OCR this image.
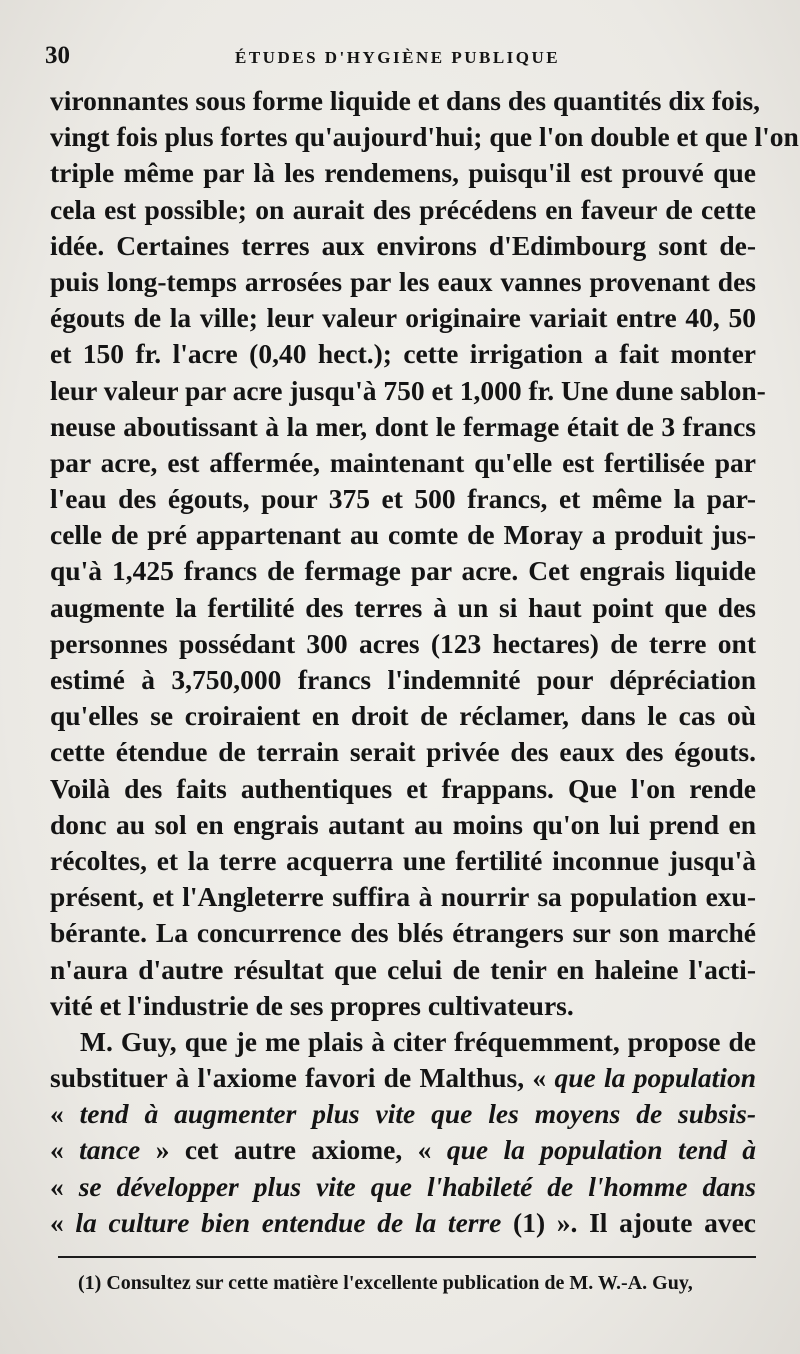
30	ÉTUDES D'HYGIÈNE PUBLIQUE
vironnantes sous forme liquide et dans des quantités dix fois,
vingt fois plus fortes qu'aujourd'hui; que l'on double et que l'on
triple même par là les rendemens, puisqu'il est prouvé que
cela est possible; on aurait des précédens en faveur de cette
idée. Certaines terres aux environs d'Edimbourg sont de-
puis long-temps arrosées par les eaux vannes provenant des
égouts de la ville; leur valeur originaire variait entre 40, 50
et 150 fr. l'acre (0,40 hect.); cette irrigation a fait monter
leur valeur par acre jusqu'à 750 et 1,000 fr. Une dune sablon-
neuse aboutissant à la mer, dont le fermage était de 3 francs
par acre, est affermée, maintenant qu'elle est fertilisée par
l'eau des égouts, pour 375 et 500 francs, et même la par-
celle de pré appartenant au comte de Moray a produit jus-
qu'à 1,425 francs de fermage par acre. Cet engrais liquide
augmente la fertilité des terres à un si haut point que des
personnes possédant 300 acres (123 hectares) de terre ont
estimé à 3,750,000 francs l'indemnité pour dépréciation
qu'elles se croiraient en droit de réclamer, dans le cas où
cette étendue de terrain serait privée des eaux des égouts.
Voilà des faits authentiques et frappans. Que l'on rende
donc au sol en engrais autant au moins qu'on lui prend en
récoltes, et la terre acquerra une fertilité inconnue jusqu'à
présent, et l'Angleterre suffira à nourrir sa population exu-
bérante. La concurrence des blés étrangers sur son marché
n'aura d'autre résultat que celui de tenir en haleine l'acti-
vité et l'industrie de ses propres cultivateurs.
M. Guy, que je me plais à citer fréquemment, propose de
substituer à l'axiome favori de Malthus, « que la population
« tend à augmenter plus vite que les moyens de subsis-
« tance » cet autre axiome, « que la population tend à
« se développer plus vite que l'habileté de l'homme dans
« la culture bien entendue de la terre (1) ». Il ajoute avec
(1) Consultez sur cette matière l'excellente publication de M. W.-A. Guy,
